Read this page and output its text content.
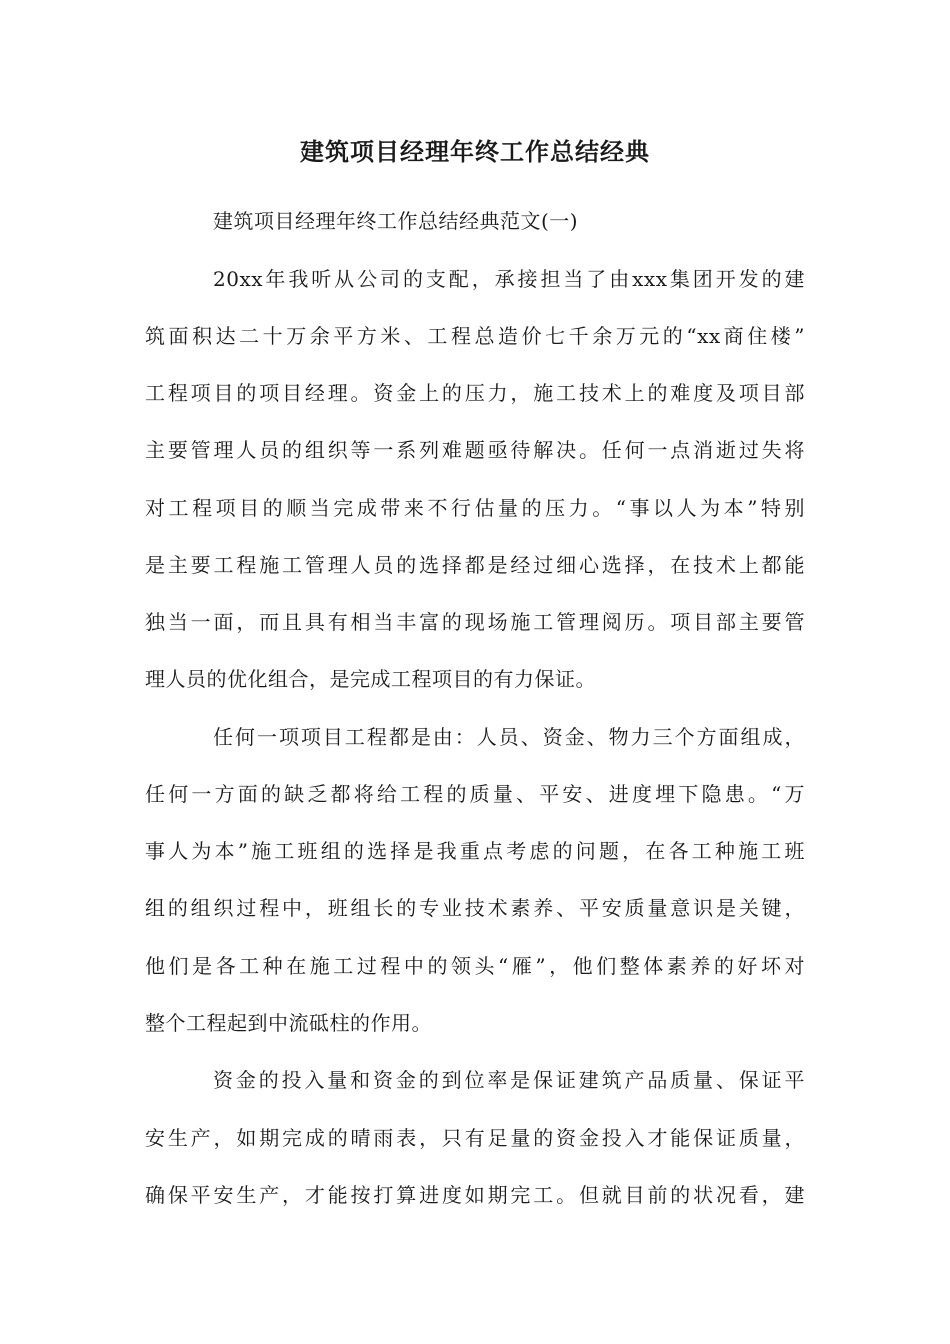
建筑项目经理年终工作总结经典
建筑项目经理年终工作总结经典范文(一)
20xx年我听从公司的支配，承接担当了由xxx集团开发的建
筑面积达二十万余平方米、工程总造价七千余万元的“xx商住楼”
工程项目的项目经理。资金上的压力，施工技术上的难度及项目部
主要管理人员的组织等一系列难题亟待解决。任何一点消逝过失将
对工程项目的顺当完成带来不行估量的压力。“事以人为本”特别
是主要工程施工管理人员的选择都是经过细心选择，在技术上都能
独当一面，而且具有相当丰富的现场施工管理阅历。项目部主要管
理人员的优化组合，是完成工程项目的有力保证。
任何一项项目工程都是由：人员、资金、物力三个方面组成，
任何一方面的缺乏都将给工程的质量、平安、进度埋下隐患。“万
事人为本”施工班组的选择是我重点考虑的问题，在各工种施工班
组的组织过程中，班组长的专业技术素养、平安质量意识是关键，
他们是各工种在施工过程中的领头“雁”，他们整体素养的好坏对
整个工程起到中流砥柱的作用。
资金的投入量和资金的到位率是保证建筑产品质量、保证平
安生产，如期完成的晴雨表，只有足量的资金投入才能保证质量，
确保平安生产，才能按打算进度如期完工。但就目前的状况看，建
